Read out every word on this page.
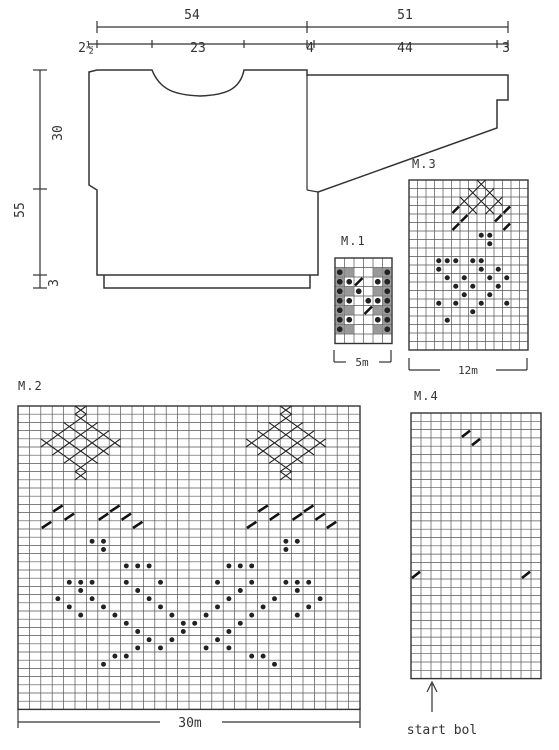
54	51
2½	23	4	44	3
30
55
3
M.1
M.3
M.2
M.4
5m
12m
30m	start bol
